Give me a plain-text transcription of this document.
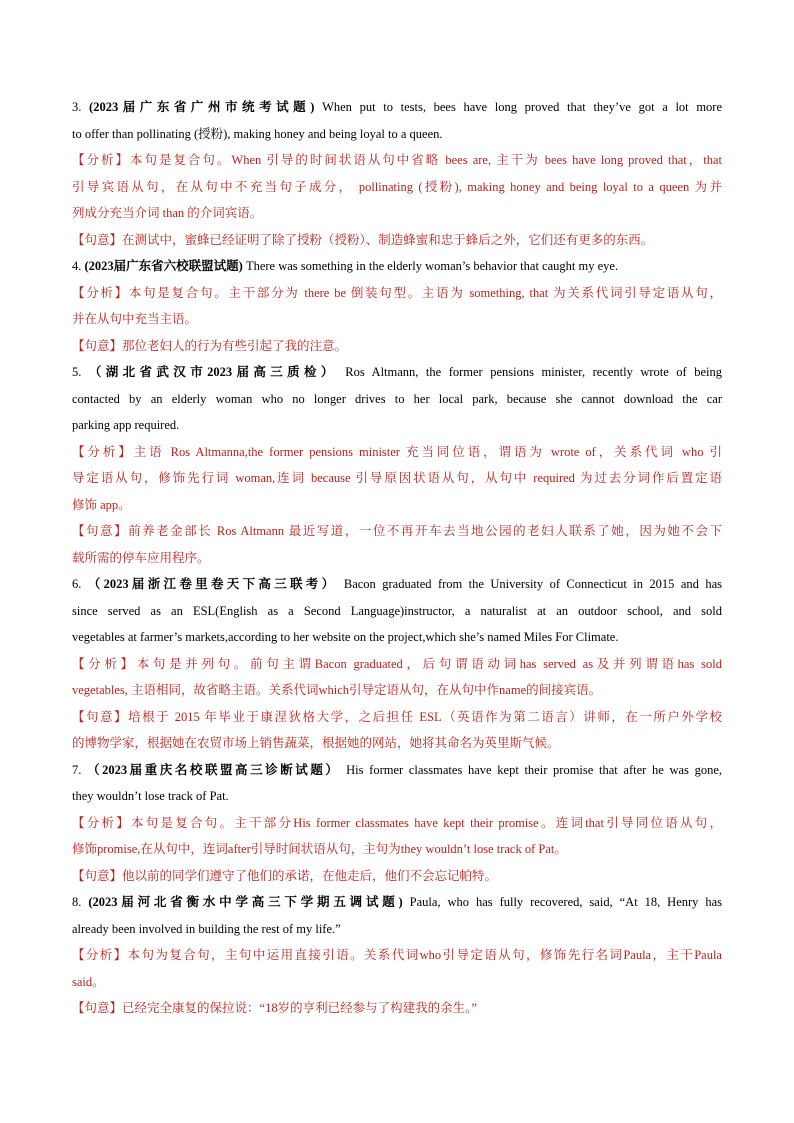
3. (2023届广东省广州市统考试题) When put to tests, bees have long proved that they’ve got a lot more

to offer than pollinating (授粉), making honey and being loyal to a queen.

【分析】本句是复合句。When 引导的时间状语从句中省略 bees are, 主干为 bees have long proved that，that

引导宾语从句，在从句中不充当句子成分， pollinating (授粉), making honey and being loyal to a queen 为并

列成分充当介词 than 的介词宾语。

【句意】在测试中，蜜蜂已经证明了除了授粉（授粉）、制造蜂蜜和忠于蜂后之外，它们还有更多的东西。

4. (2023届广东省六校联盟试题) There was something in the elderly woman’s behavior that caught my eye.

【分析】本句是复合句。主干部分为 there be 倒装句型。主语为 something, that 为关系代词引导定语从句，

并在从句中充当主语。

【句意】那位老妇人的行为有些引起了我的注意。

5. （湖北省武汉市2023届高三质检） Ros Altmann, the former pensions minister, recently wrote of being

contacted by an elderly woman who no longer drives to her local park, because she cannot download the car

parking app required.

【分析】主语 Ros Altmanna,the former pensions minister 充当同位语，谓语为 wrote of，关系代词 who 引

导定语从句，修饰先行词 woman,连词 because 引导原因状语从句，从句中 required 为过去分词作后置定语

修饰 app。

【句意】前养老金部长 Ros Altmann 最近写道，一位不再开车去当地公园的老妇人联系了她，因为她不会下

载所需的停车应用程序。

6. （2023届浙江卷里卷天下高三联考） Bacon graduated from the University of Connecticut in 2015 and has

since served as an ESL(English as a Second Language)instructor, a naturalist at an outdoor school, and sold

vegetables at farmer’s markets,according to her website on the project,which she’s named Miles For Climate.

【分析】本句是并列句。前句主谓Bacon graduated，后句谓语动词has served as及并列谓语has sold

vegetables, 主语相同，故省略主语。关系代词which引导定语从句，在从句中作name的间接宾语。

【句意】培根于 2015 年毕业于康涅狄格大学，之后担任 ESL（英语作为第二语言）讲师，在一所户外学校

的博物学家，根据她在农贸市场上销售蔬菜，根据她的网站，她将其命名为英里斯气候。

7. （2023届重庆名校联盟高三诊断试题） His former classmates have kept their promise that after he was gone,

they wouldn’t lose track of Pat.

【分析】本句是复合句。主干部分His former classmates have kept their promise。连词that引导同位语从句，

修饰promise,在从句中，连词after引导时间状语从句，主句为they wouldn’t lose track of Pat。

【句意】他以前的同学们遵守了他们的承诺，在他走后，他们不会忘记帕特。

8. (2023届河北省衡水中学高三下学期五调试题) Paula, who has fully recovered, said, “At 18, Henry has

already been involved in building the rest of my life.”

【分析】本句为复合句，主句中运用直接引语。关系代词who引导定语从句，修饰先行名词Paula，主干Paula

said。

【句意】已经完全康复的保拉说：“18岁的亨利已经参与了构建我的余生。”
